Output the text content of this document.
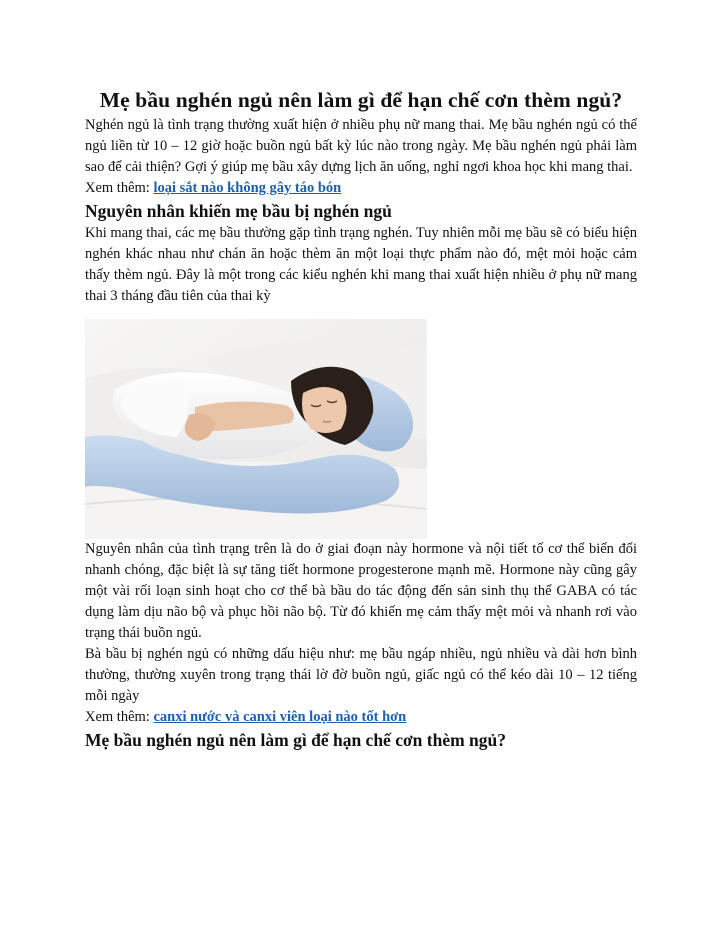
Mẹ bầu nghén ngủ nên làm gì để hạn chế cơn thèm ngủ?

Nghén ngủ là tình trạng thường xuất hiện ở nhiều phụ nữ mang thai. Mẹ bầu nghén ngủ có thể ngủ liền từ 10 – 12 giờ hoặc buồn ngủ bất kỳ lúc nào trong ngày. Mẹ bầu nghén ngủ phải làm sao để cải thiện? Gợi ý giúp mẹ bầu xây dựng lịch ăn uống, nghỉ ngơi khoa học khi mang thai.

Xem thêm: loại sắt nào không gây táo bón

Nguyên nhân khiến mẹ bầu bị nghén ngủ

Khi mang thai, các mẹ bầu thường gặp tình trạng nghén. Tuy nhiên mỗi mẹ bầu sẽ có biểu hiện nghén khác nhau như chán ăn hoặc thèm ăn một loại thực phẩm nào đó, mệt mỏi hoặc cảm thấy thèm ngủ. Đây là một trong các kiểu nghén khi mang thai xuất hiện nhiều ở phụ nữ mang thai 3 tháng đầu tiên của thai kỳ

Nguyên nhân của tình trạng trên là do ở giai đoạn này hormone và nội tiết tố cơ thể biến đổi nhanh chóng, đặc biệt là sự tăng tiết hormone progesterone mạnh mẽ. Hormone này cũng gây một vài rối loạn sinh hoạt cho cơ thể bà bầu do tác động đến sản sinh thụ thể GABA có tác dụng làm dịu não bộ và phục hồi não bộ. Từ đó khiến mẹ cảm thấy mệt mỏi và nhanh rơi vào trạng thái buồn ngủ.

Bà bầu bị nghén ngủ có những dấu hiệu như: mẹ bầu ngáp nhiều, ngủ nhiều và dài hơn bình thường, thường xuyên trong trạng thái lờ đờ buồn ngủ, giấc ngủ có thể kéo dài 10 – 12 tiếng mỗi ngày

Xem thêm: canxi nước và canxi viên loại nào tốt hơn

Mẹ bầu nghén ngủ nên làm gì để hạn chế cơn thèm ngủ?
